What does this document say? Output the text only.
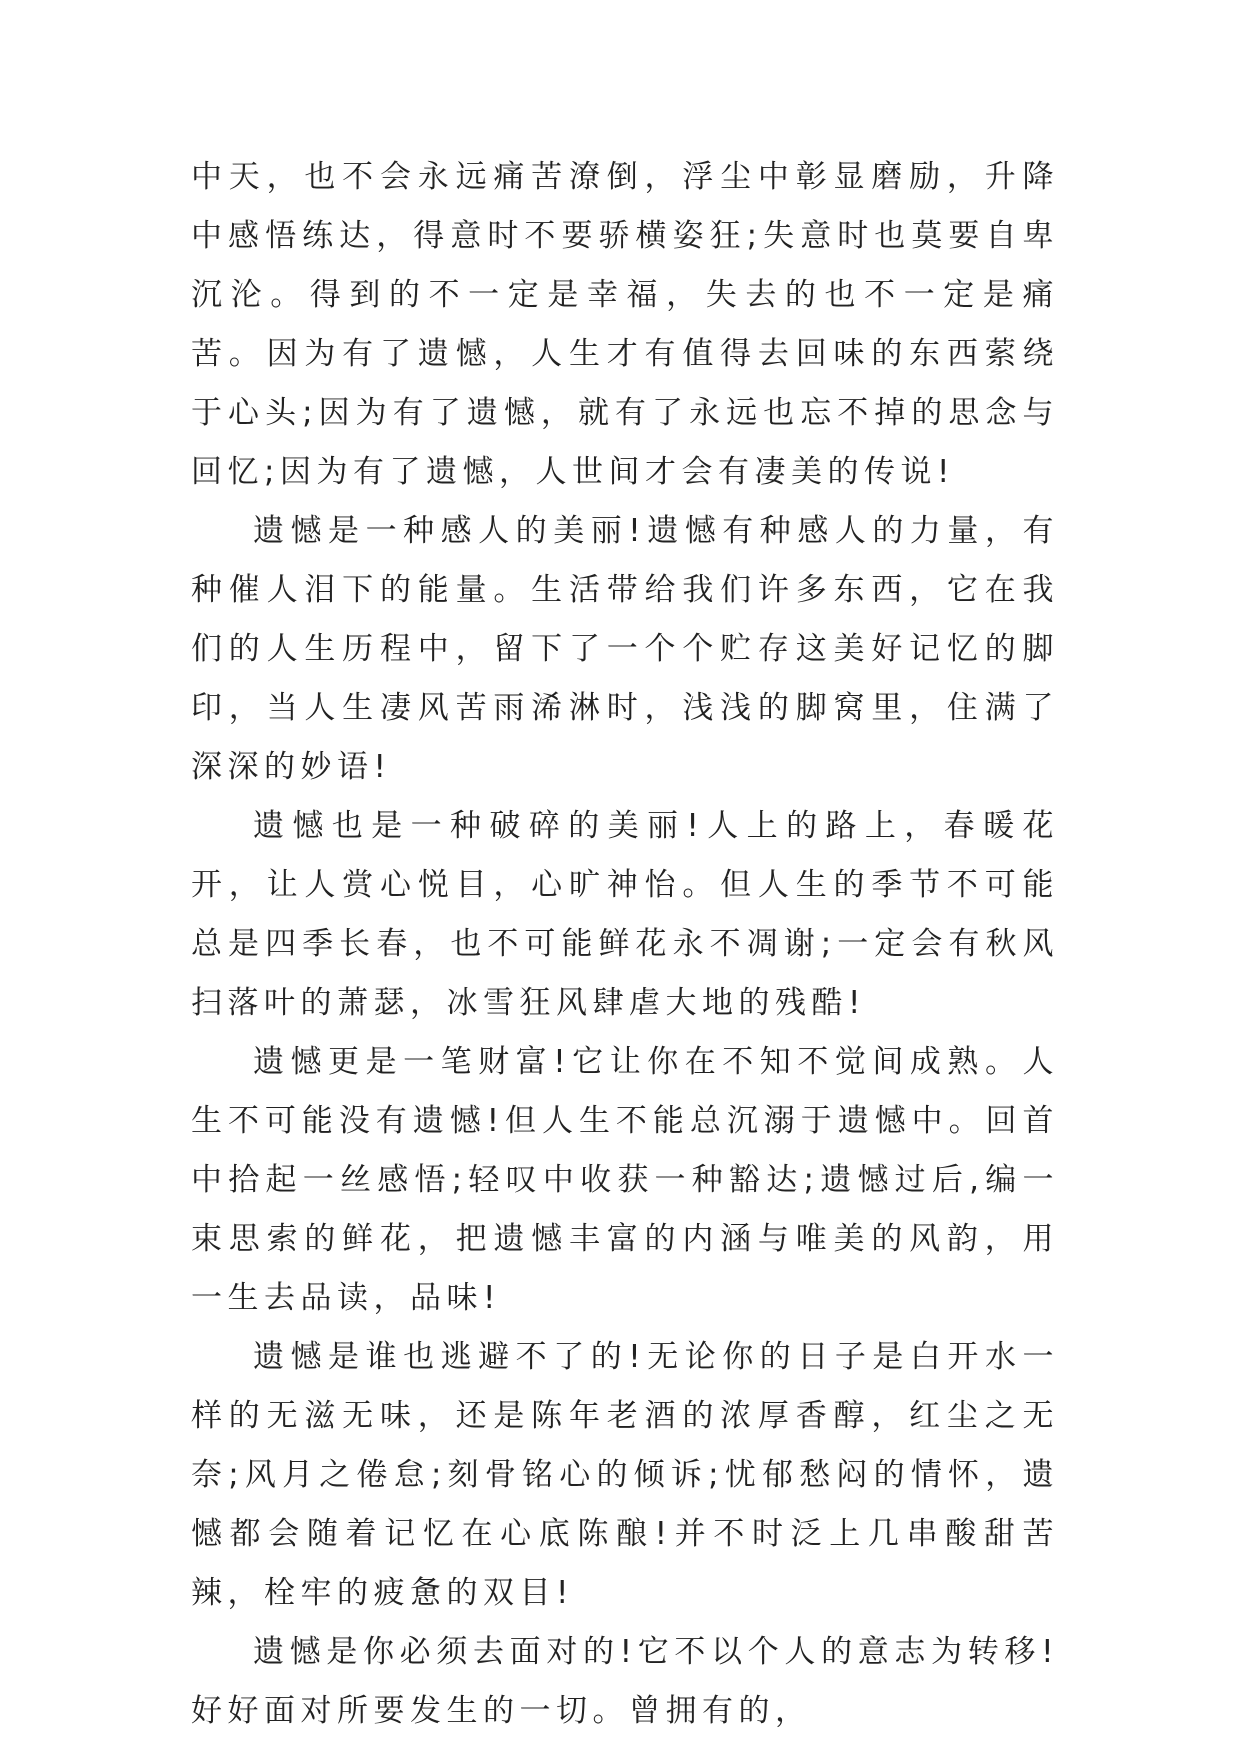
中天，也不会永远痛苦潦倒，浮尘中彰显磨励，升降中感悟练达，得意时不要骄横姿狂;失意时也莫要自卑沉沦。得到的不一定是幸福，失去的也不一定是痛苦。因为有了遗憾，人生才有值得去回味的东西萦绕于心头;因为有了遗憾，就有了永远也忘不掉的思念与回忆;因为有了遗憾，人世间才会有凄美的传说!

遗憾是一种感人的美丽!遗憾有种感人的力量，有种催人泪下的能量。生活带给我们许多东西，它在我们的人生历程中，留下了一个个贮存这美好记忆的脚印，当人生凄风苦雨浠淋时，浅浅的脚窝里，住满了深深的妙语!

遗憾也是一种破碎的美丽!人上的路上，春暖花开，让人赏心悦目，心旷神怡。但人生的季节不可能总是四季长春，也不可能鲜花永不凋谢;一定会有秋风扫落叶的萧瑟，冰雪狂风肆虐大地的残酷!

遗憾更是一笔财富!它让你在不知不觉间成熟。人生不可能没有遗憾!但人生不能总沉溺于遗憾中。回首中拾起一丝感悟;轻叹中收获一种豁达;遗憾过后,编一束思索的鲜花，把遗憾丰富的内涵与唯美的风韵，用一生去品读，品味!

遗憾是谁也逃避不了的!无论你的日子是白开水一样的无滋无味，还是陈年老酒的浓厚香醇，红尘之无奈;风月之倦怠;刻骨铭心的倾诉;忧郁愁闷的情怀，遗憾都会随着记忆在心底陈酿!并不时泛上几串酸甜苦辣，栓牢的疲惫的双目!

遗憾是你必须去面对的!它不以个人的意志为转移!好好面对所要发生的一切。曾拥有的，
